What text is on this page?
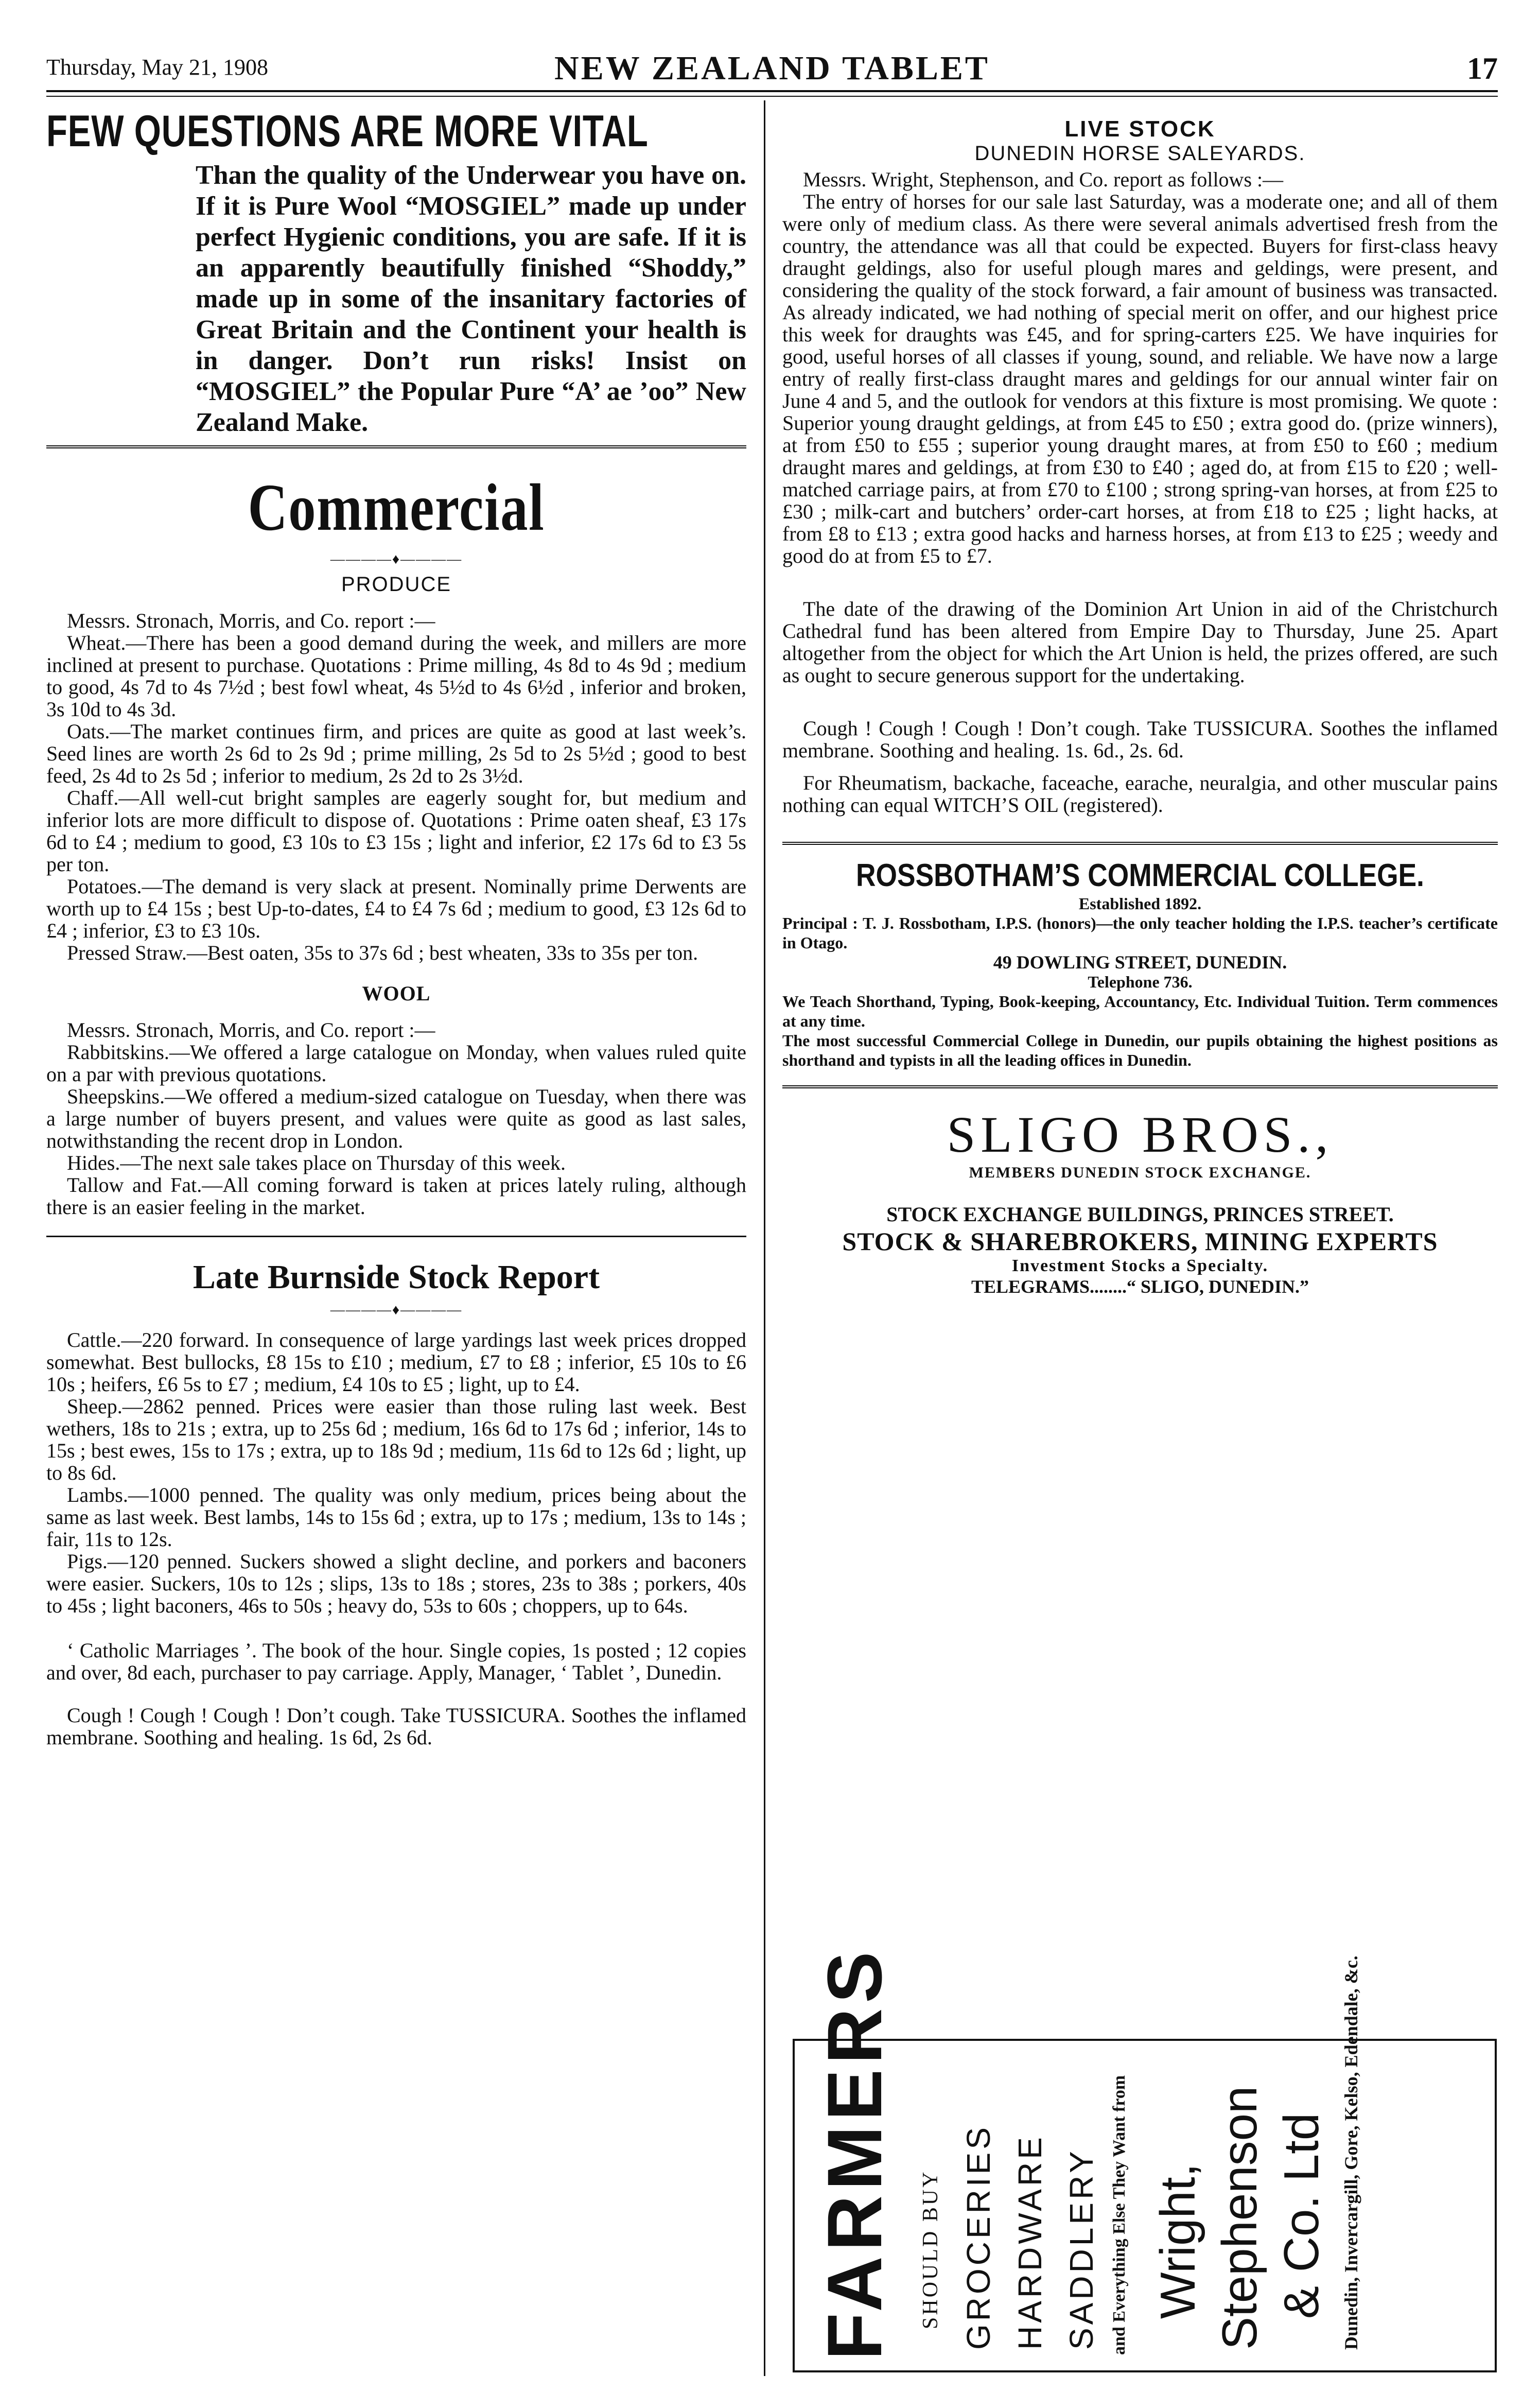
Thursday, May 21, 1908	NEW ZEALAND TABLET	17
FEW QUESTIONS ARE MORE VITAL

Than the quality of the Underwear you have on. If it is Pure Wool “MOSGIEL” made up under perfect Hygienic conditions, you are safe. If it is an apparently beautifully finished “Shoddy,” made up in some of the insanitary factories of Great Britain and the Continent your health is in danger. Don’t run risks! Insist on “MOSGIEL” the Popular Pure “A’ ae ’oo” New Zealand Make.

Commercial
————♦————
PRODUCE

Messrs. Stronach, Morris, and Co. report :—

Wheat.—There has been a good demand during the week, and millers are more inclined at present to purchase. Quotations : Prime milling, 4s 8d to 4s 9d ; medium to good, 4s 7d to 4s 7½d ; best fowl wheat, 4s 5½d to 4s 6½d , inferior and broken, 3s 10d to 4s 3d.

Oats.—The market continues firm, and prices are quite as good at last week’s. Seed lines are worth 2s 6d to 2s 9d ; prime milling, 2s 5d to 2s 5½d ; good to best feed, 2s 4d to 2s 5d ; inferior to medium, 2s 2d to 2s 3½d.

Chaff.—All well-cut bright samples are eagerly sought for, but medium and inferior lots are more difficult to dispose of. Quotations : Prime oaten sheaf, £3 17s 6d to £4 ; medium to good, £3 10s to £3 15s ; light and inferior, £2 17s 6d to £3 5s per ton.

Potatoes.—The demand is very slack at present. Nominally prime Derwents are worth up to £4 15s ; best Up-to-dates, £4 to £4 7s 6d ; medium to good, £3 12s 6d to £4 ; inferior, £3 to £3 10s.

Pressed Straw.—Best oaten, 35s to 37s 6d ; best wheaten, 33s to 35s per ton.

WOOL

Messrs. Stronach, Morris, and Co. report :—

Rabbitskins.—We offered a large catalogue on Monday, when values ruled quite on a par with previous quotations.

Sheepskins.—We offered a medium-sized catalogue on Tuesday, when there was a large number of buyers present, and values were quite as good as last sales, notwithstanding the recent drop in London.

Hides.—The next sale takes place on Thursday of this week.

Tallow and Fat.—All coming forward is taken at prices lately ruling, although there is an easier feeling in the market.

Late Burnside Stock Report
————♦————

Cattle.—220 forward. In consequence of large yardings last week prices dropped somewhat. Best bullocks, £8 15s to £10 ; medium, £7 to £8 ; inferior, £5 10s to £6 10s ; heifers, £6 5s to £7 ; medium, £4 10s to £5 ; light, up to £4.

Sheep.—2862 penned. Prices were easier than those ruling last week. Best wethers, 18s to 21s ; extra, up to 25s 6d ; medium, 16s 6d to 17s 6d ; inferior, 14s to 15s ; best ewes, 15s to 17s ; extra, up to 18s 9d ; medium, 11s 6d to 12s 6d ; light, up to 8s 6d.

Lambs.—1000 penned. The quality was only medium, prices being about the same as last week. Best lambs, 14s to 15s 6d ; extra, up to 17s ; medium, 13s to 14s ; fair, 11s to 12s.

Pigs.—120 penned. Suckers showed a slight decline, and porkers and baconers were easier. Suckers, 10s to 12s ; slips, 13s to 18s ; stores, 23s to 38s ; porkers, 40s to 45s ; light baconers, 46s to 50s ; heavy do, 53s to 60s ; choppers, up to 64s.

‘ Catholic Marriages ’. The book of the hour. Single copies, 1s posted ; 12 copies and over, 8d each, purchaser to pay carriage. Apply, Manager, ‘ Tablet ’, Dunedin.

Cough ! Cough ! Cough ! Don’t cough. Take TUSSICURA. Soothes the inflamed membrane. Soothing and healing. 1s 6d, 2s 6d.

LIVE STOCK
DUNEDIN HORSE SALEYARDS.

Messrs. Wright, Stephenson, and Co. report as follows :—

The entry of horses for our sale last Saturday, was a moderate one; and all of them were only of medium class. As there were several animals advertised fresh from the country, the attendance was all that could be expected. Buyers for first-class heavy draught geldings, also for useful plough mares and geldings, were present, and considering the quality of the stock forward, a fair amount of business was transacted. As already indicated, we had nothing of special merit on offer, and our highest price this week for draughts was £45, and for spring-carters £25. We have inquiries for good, useful horses of all classes if young, sound, and reliable. We have now a large entry of really first-class draught mares and geldings for our annual winter fair on June 4 and 5, and the outlook for vendors at this fixture is most promising. We quote : Superior young draught geldings, at from £45 to £50 ; extra good do. (prize winners), at from £50 to £55 ; superior young draught mares, at from £50 to £60 ; medium draught mares and geldings, at from £30 to £40 ; aged do, at from £15 to £20 ; well-matched carriage pairs, at from £70 to £100 ; strong spring-van horses, at from £25 to £30 ; milk-cart and butchers’ order-cart horses, at from £18 to £25 ; light hacks, at from £8 to £13 ; extra good hacks and harness horses, at from £13 to £25 ; weedy and good do at from £5 to £7.

The date of the drawing of the Dominion Art Union in aid of the Christchurch Cathedral fund has been altered from Empire Day to Thursday, June 25. Apart altogether from the object for which the Art Union is held, the prizes offered, are such as ought to secure generous support for the undertaking.

Cough ! Cough ! Cough ! Don’t cough. Take TUSSICURA. Soothes the inflamed membrane. Soothing and healing. 1s. 6d., 2s. 6d.

For Rheumatism, backache, faceache, earache, neuralgia, and other muscular pains nothing can equal WITCH’S OIL (registered).

ROSSBOTHAM’S COMMERCIAL COLLEGE.
Established 1892.
Principal : T. J. Rossbotham, I.P.S. (honors)—the only teacher holding the I.P.S. teacher’s certificate in Otago.
49 DOWLING STREET, DUNEDIN.
Telephone 736.
We Teach Shorthand, Typing, Book-keeping, Accountancy, Etc. Individual Tuition. Term commences at any time.
The most successful Commercial College in Dunedin, our pupils obtaining the highest positions as shorthand and typists in all the leading offices in Dunedin.
SLIGO BROS.,
MEMBERS DUNEDIN STOCK EXCHANGE.
STOCK EXCHANGE BUILDINGS, PRINCES STREET.
STOCK & SHAREBROKERS, MINING EXPERTS
Investment Stocks a Specialty.
TELEGRAMS........“ SLIGO, DUNEDIN.”
FARMERS SHOULD BUY GROCERIES HARDWARE SADDLERY and Everything Else They Want from Wright, Stephenson & Co. Ltd Dunedin, Invercargill, Gore, Kelso, Edendale, &c.
